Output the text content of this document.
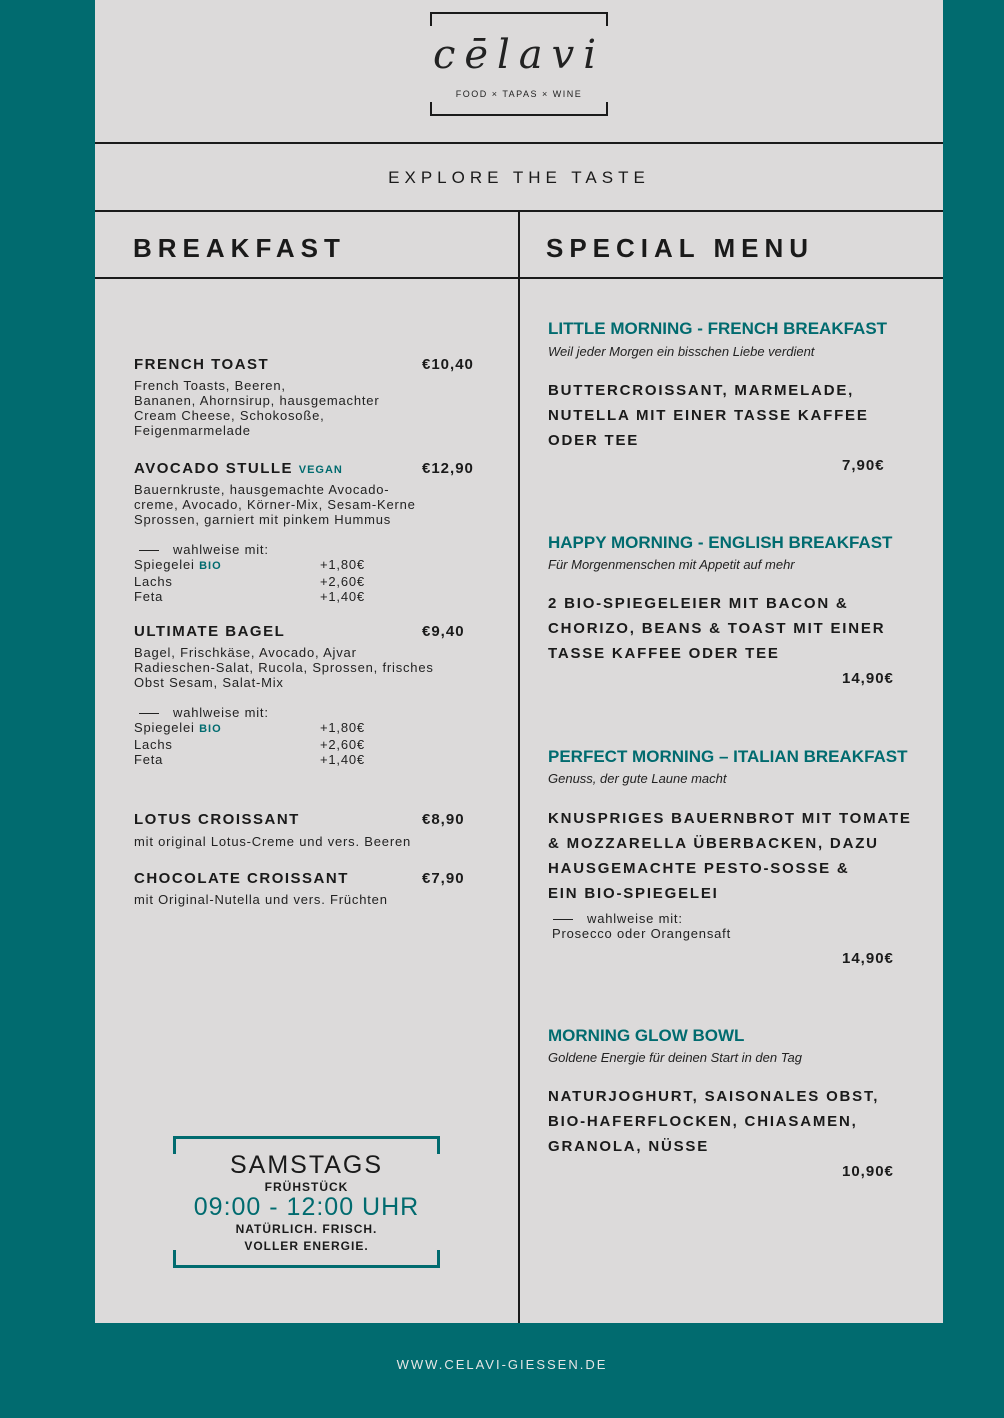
cēlavi
FOOD × TAPAS × WINE
EXPLORE THE TASTE
BREAKFAST	SPECIAL MENU
FRENCH TOAST	€10,40
French Toasts, Beeren,
Bananen, Ahornsirup, hausgemachter
Cream Cheese, Schokosoße,
Feigenmarmelade
AVOCADO STULLE VEGAN	€12,90
Bauernkruste, hausgemachte Avocado-
creme, Avocado, Körner-Mix, Sesam-Kerne
Sprossen, garniert mit pinkem Hummus
wahlweise mit:
Spiegelei BIO	+1,80€
Lachs	+2,60€
Feta	+1,40€
ULTIMATE BAGEL	€9,40
Bagel, Frischkäse, Avocado, Ajvar
Radieschen-Salat, Rucola, Sprossen, frisches
Obst Sesam, Salat-Mix
wahlweise mit:
Spiegelei BIO	+1,80€
Lachs	+2,60€
Feta	+1,40€
LOTUS CROISSANT	€8,90
mit original Lotus-Creme und vers. Beeren
CHOCOLATE CROISSANT	€7,90
mit Original-Nutella und vers. Früchten
SAMSTAGS
FRÜHSTÜCK
09:00 - 12:00 UHR
NATÜRLICH. FRISCH.
VOLLER ENERGIE.
LITTLE MORNING - FRENCH BREAKFAST
Weil jeder Morgen ein bisschen Liebe verdient
BUTTERCROISSANT, MARMELADE,
NUTELLA MIT EINER TASSE KAFFEE
ODER TEE
7,90€
HAPPY MORNING - ENGLISH BREAKFAST
Für Morgenmenschen mit Appetit auf mehr
2 BIO-SPIEGELEIER MIT BACON &
CHORIZO, BEANS & TOAST MIT EINER
TASSE KAFFEE ODER TEE
14,90€
PERFECT MORNING – ITALIAN BREAKFAST
Genuss, der gute Laune macht
KNUSPRIGES BAUERNBROT MIT TOMATE
& MOZZARELLA ÜBERBACKEN, DAZU
HAUSGEMACHTE PESTO-SOSSE &
EIN BIO-SPIEGELEI
wahlweise mit:
Prosecco oder Orangensaft
14,90€
MORNING GLOW BOWL
Goldene Energie für deinen Start in den Tag
NATURJOGHURT, SAISONALES OBST,
BIO-HAFERFLOCKEN, CHIASAMEN,
GRANOLA, NÜSSE
10,90€
WWW.CELAVI-GIESSEN.DE
